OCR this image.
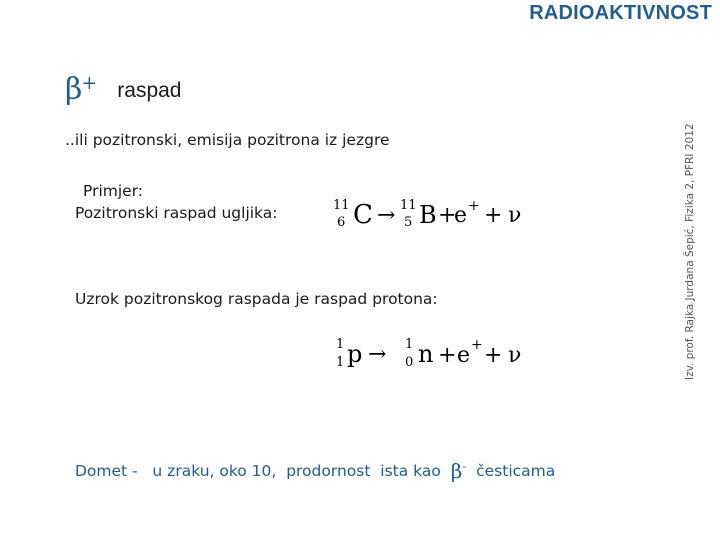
RADIOAKTIVNOST
β+ raspad
..ili pozitronski, emisija pozitrona iz jezgre
Primjer:
Pozitronski raspad ugljika:	11
6 C → 11
5 B +
e + + ν
Uzrok pozitronskog raspada je raspad protona:
1
1 p → 1
0 n + e + + ν
Domet -   u zraku, oko 10,  prodornost  ista kao  β-  česticama
Izv. prof. Rajka Jurdana Šepić, Fizika 2, PFRI 2012
